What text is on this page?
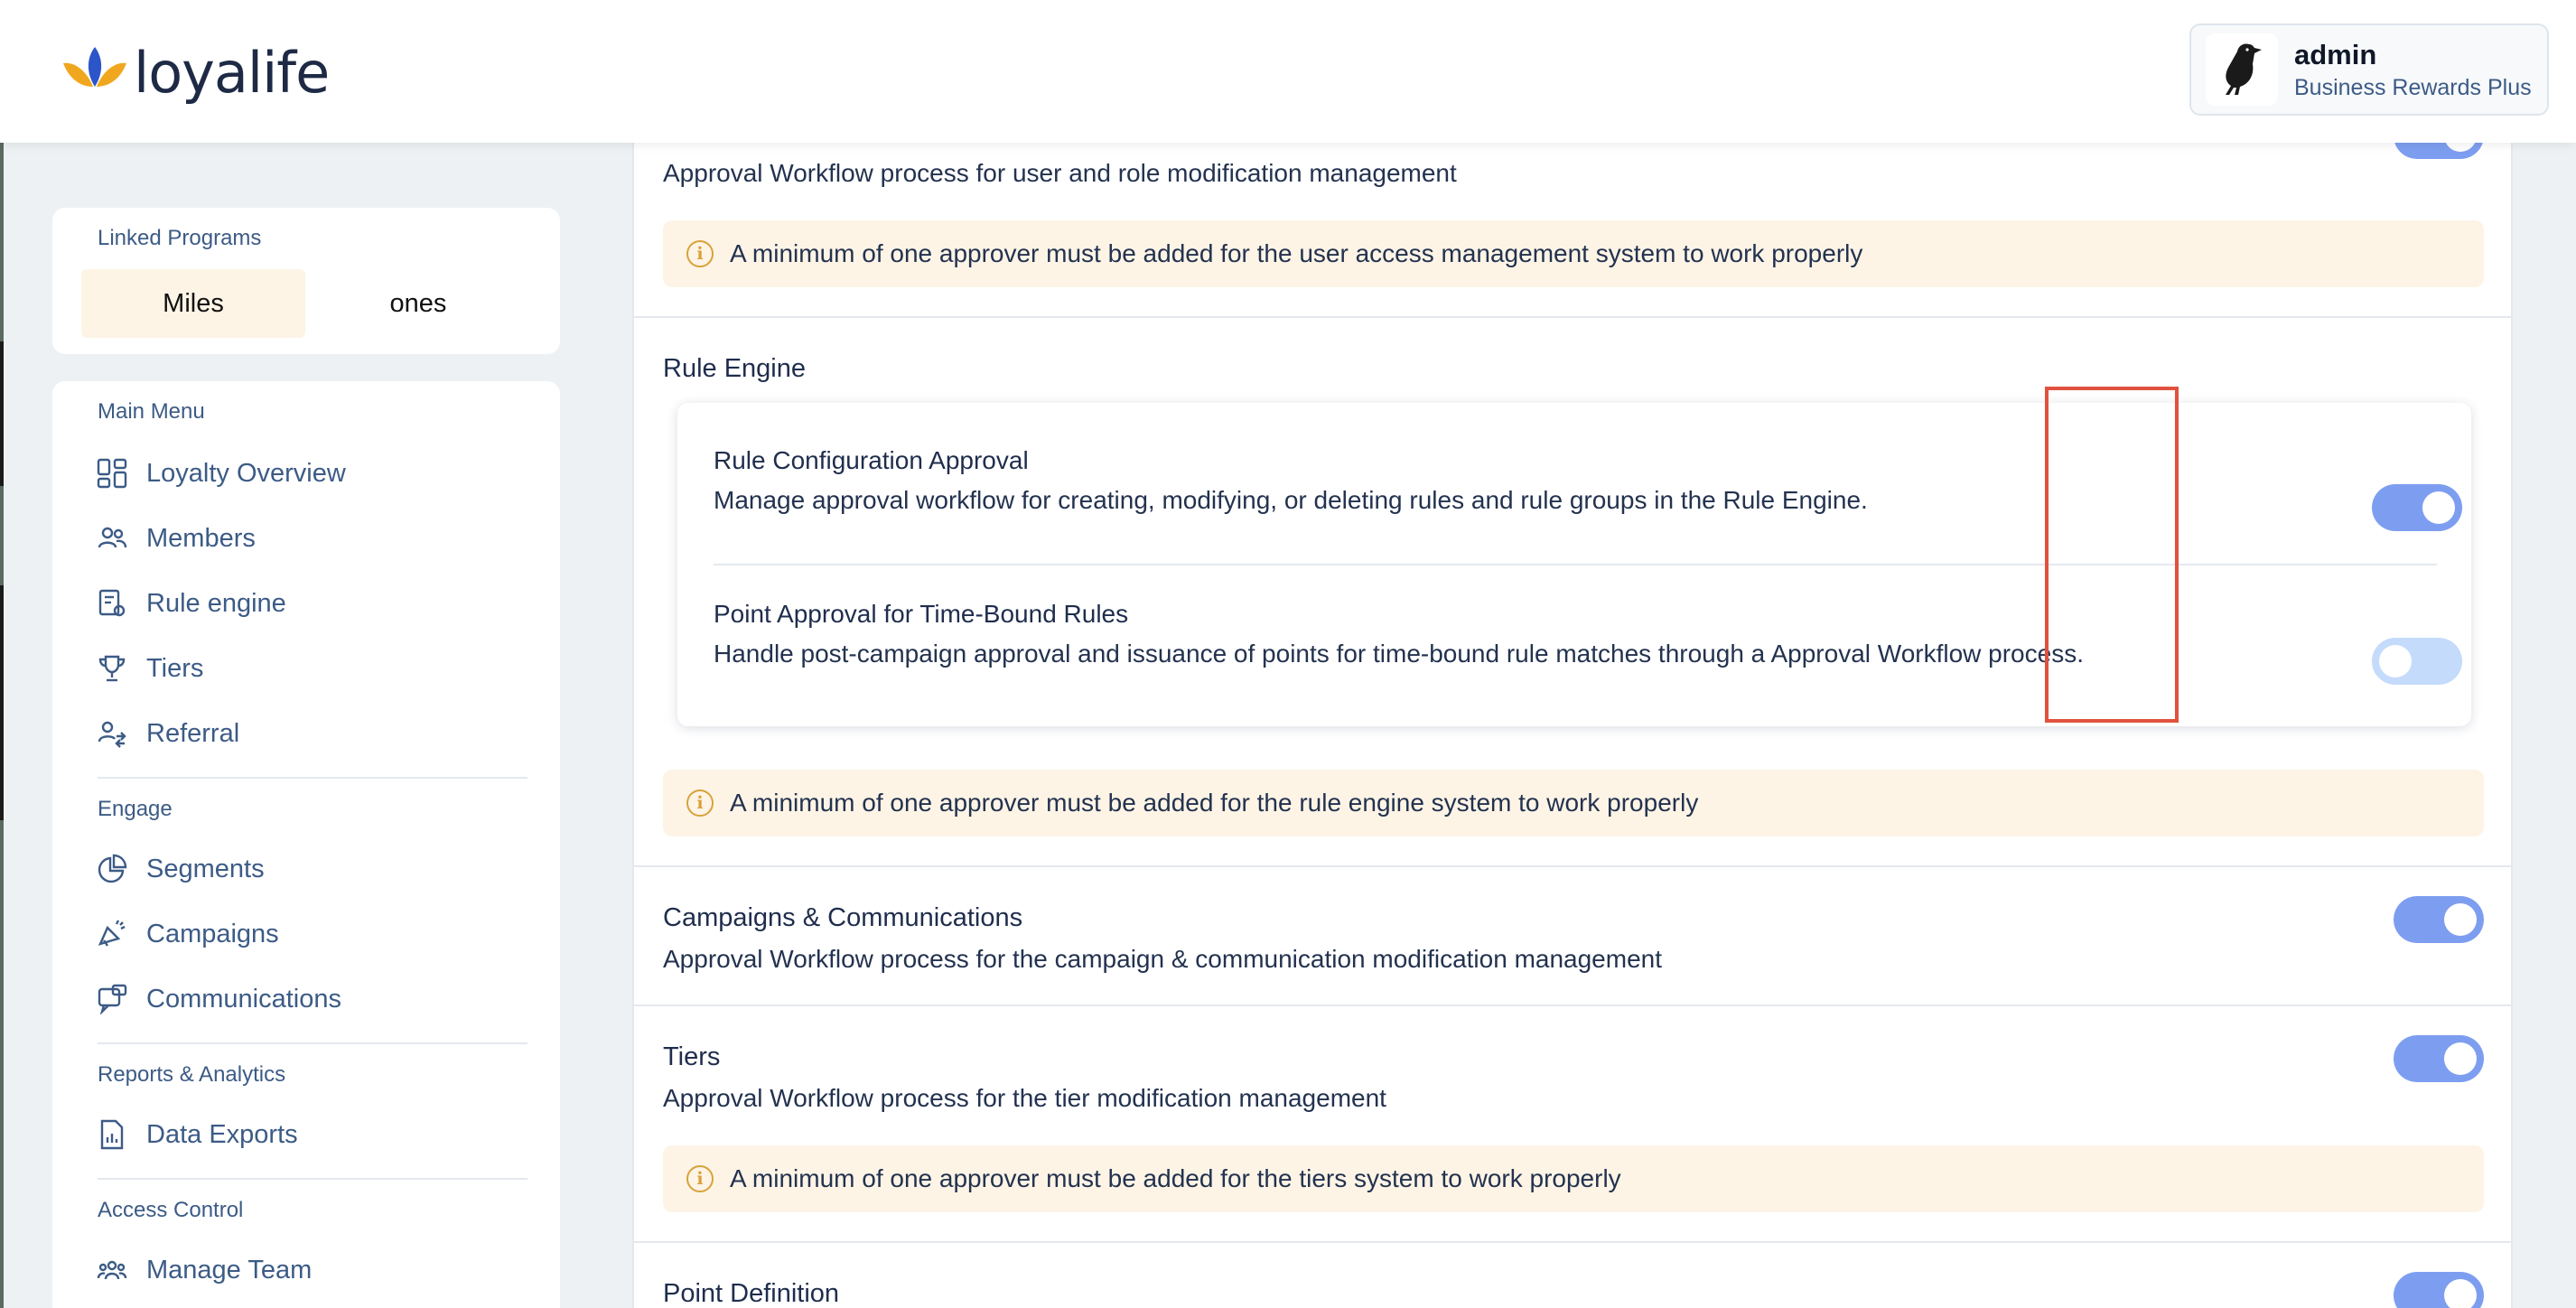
loyalife	admin
Business Rewards Plus
Linked Programs
Miles	ones
Main Menu
Loyalty Overview
Members
Rule engine
Tiers
Referral
Engage
Segments
Campaigns
Communications
Reports & Analytics
Data Exports
Access Control
Manage Team
Approval Workflow process for user and role modification management
i	A minimum of one approver must be added for the user access management system to work properly
Rule Engine
Rule Configuration Approval
Manage approval workflow for creating, modifying, or deleting rules and rule groups in the Rule Engine.
Point Approval for Time-Bound Rules
Handle post-campaign approval and issuance of points for time-bound rule matches through a Approval Workflow process.
i	A minimum of one approver must be added for the rule engine system to work properly
Campaigns & Communications
Approval Workflow process for the campaign & communication modification management
Tiers
Approval Workflow process for the tier modification management
i	A minimum of one approver must be added for the tiers system to work properly
Point Definition
